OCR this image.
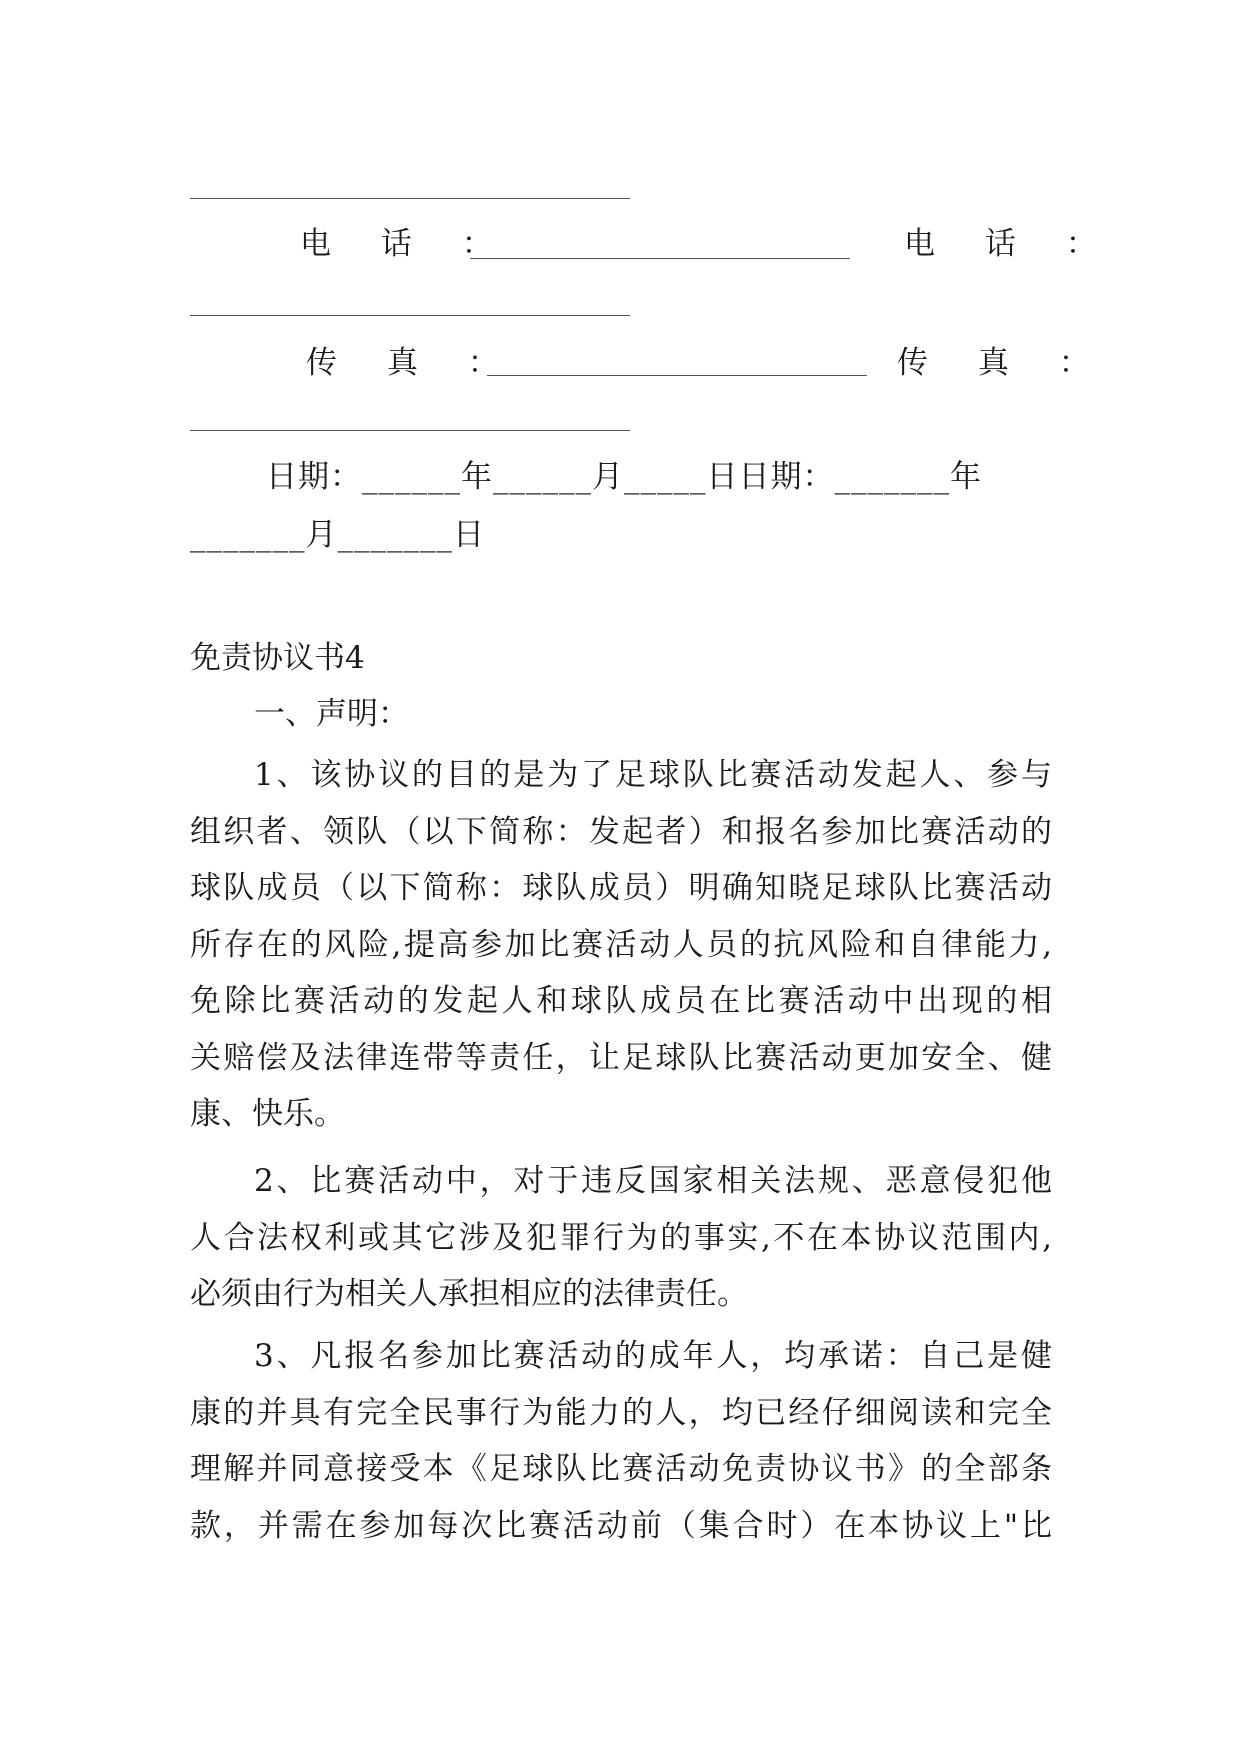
电 话 ：	电 话 ：
传 真 ：	传 真 ：
日期：______年______月_____日日期：_______年
_______月_______日
免责协议书4
一、声明：
1、该协议的目的是为了足球队比赛活动发起人、参与
组织者、领队（以下简称：发起者）和报名参加比赛活动的
球队成员（以下简称：球队成员）明确知晓足球队比赛活动
所存在的风险,提高参加比赛活动人员的抗风险和自律能力,
免除比赛活动的发起人和球队成员在比赛活动中出现的相
关赔偿及法律连带等责任，让足球队比赛活动更加安全、健
康、快乐。
2、比赛活动中，对于违反国家相关法规、恶意侵犯他
人合法权利或其它涉及犯罪行为的事实,不在本协议范围内,
必须由行为相关人承担相应的法律责任。
3、凡报名参加比赛活动的成年人，均承诺：自己是健
康的并具有完全民事行为能力的人，均已经仔细阅读和完全
理解并同意接受本《足球队比赛活动免责协议书》的全部条
款，并需在参加每次比赛活动前（集合时）在本协议上"比
